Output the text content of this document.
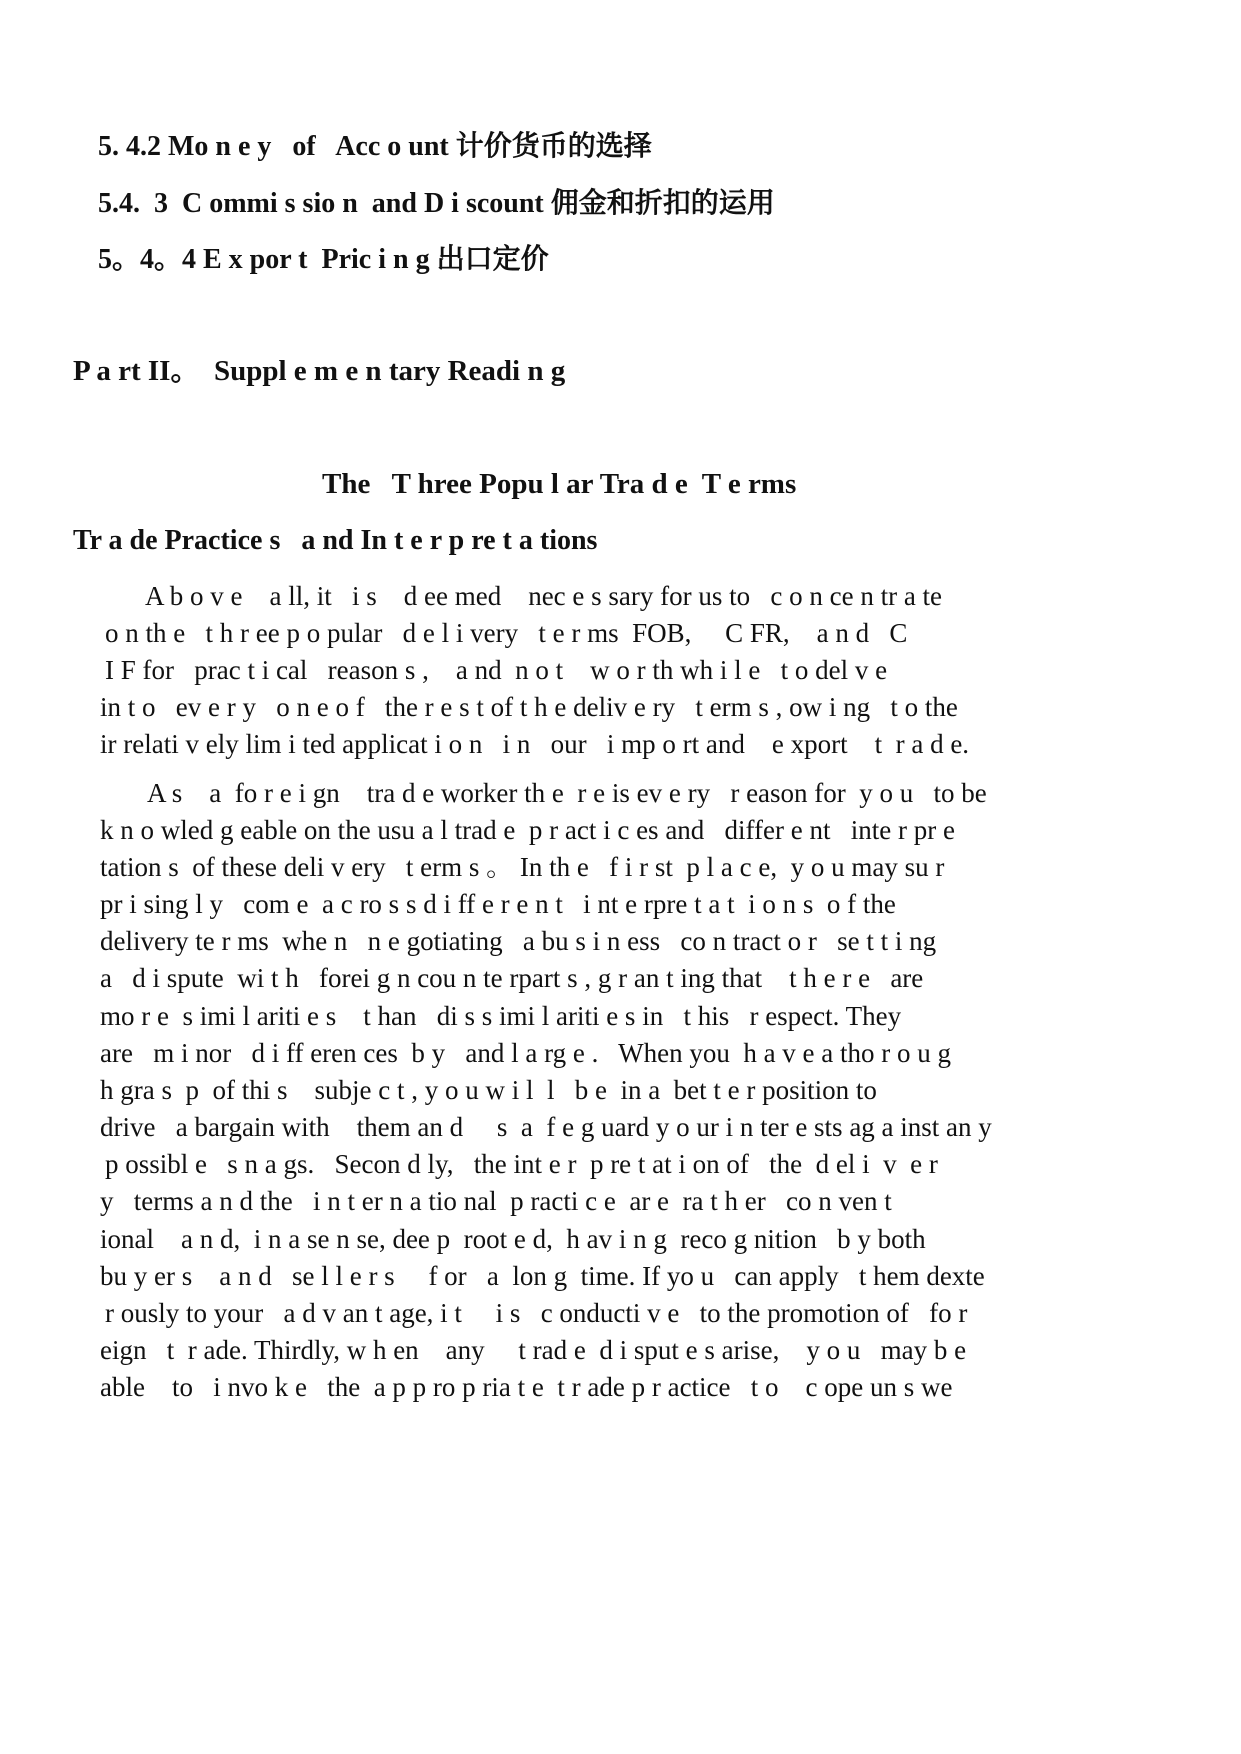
5. 4.2 Mo n e y   of   Acc o unt 计价货币的选择
5.4.  3  C ommi s sio n  and D i scount 佣金和折扣的运用
5。4。4 E x por t  Pric i n g 出口定价
P a rt II。  Suppl e m e n tary Readi n g
The   T hree Popu l ar Tra d e  T e rms
Tr a de Practice s   a nd In t e r p re t a tions
A b o v e    a ll, it   i s    d ee med    nec e s sary for us to   c o n ce n tr a te
o n th e   t h r ee p o pular   d e l i very   t e r ms  FOB,     C FR,    a n d   C
I F for   prac t i cal   reason s ,    a nd  n o t    w o r th wh i l e   t o del v e
in t o   ev e r y   o n e o f   the r e s t of t h e deliv e ry   t erm s , ow i ng   t o the
ir relati v ely lim i ted applicat i o n   i n   our   i mp o rt and    e xport    t  r a d e.
A s    a  fo r e i gn    tra d e worker th e  r e is ev e ry   r eason for  y o u   to be
k n o wled g eable on the usu a l trad e  p r act i c es and   differ e nt   inte r pr e
tation s  of these deli v ery   t erm s 。 In th e   f i r st  p l a c e,  y o u may su r
pr i sing l y   com e  a c ro s s d i ff e r e n t   i nt e rpre t a t  i o n s  o f the
delivery te r ms  whe n   n e gotiating   a bu s i n ess   co n tract o r   se t t i ng
a   d i spute  wi t h   forei g n cou n te rpart s , g r an t ing that    t h e r e   are
mo r e  s imi l ariti e s    t han   di s s imi l ariti e s in   t his   r espect. They
are   m i nor   d i ff eren ces  b y   and l a rg e .   When you  h a v e a tho r o u g
h gra s  p  of thi s    subje c t , y o u w i l  l   b e  in a  bet t e r position to
drive   a bargain with    them an d     s  a  f e g uard y o ur i n ter e sts ag a inst an y
p ossibl e   s n a gs.   Secon d ly,   the int e r  p re t at i on of   the  d el i  v  e r
y   terms a n d the   i n t er n a tio nal  p racti c e  ar e  ra t h er   co n ven t
ional    a n d,  i n a se n se, dee p  root e d,  h av i n g  reco g nition   b y both
bu y er s    a n d   se l l e r s     f or   a  lon g  time. If yo u   can apply   t hem dexte
r ously to your   a d v an t age, i t     i s   c onducti v e   to the promotion of   fo r
eign   t  r ade. Thirdly, w h en    any     t rad e  d i sput e s arise,    y o u   may b e
able    to   i nvo k e   the  a p p ro p ria t e  t r ade p r actice   t o    c ope un s we
